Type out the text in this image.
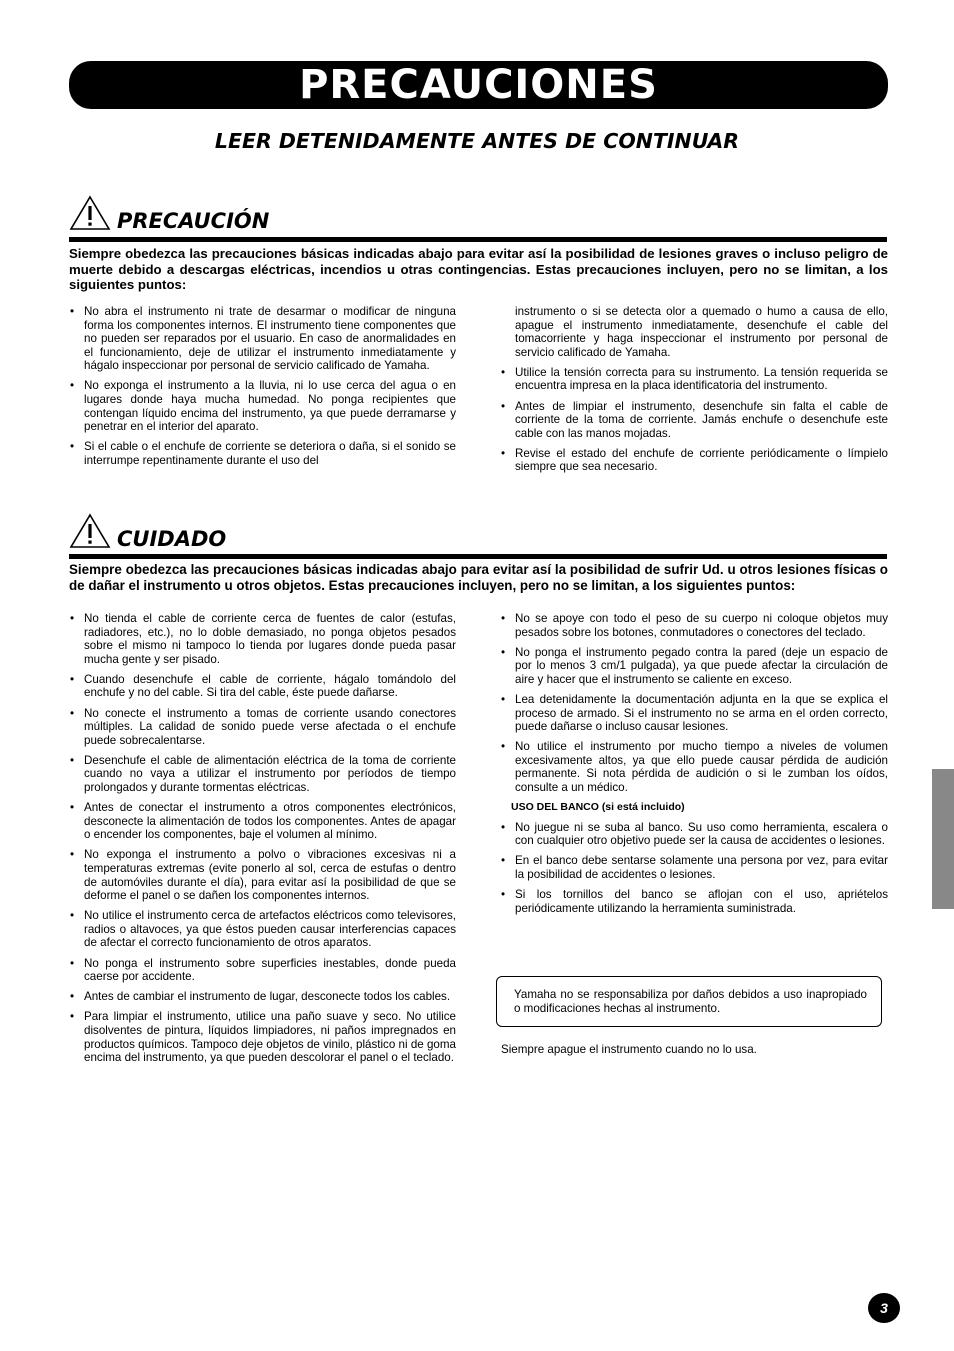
PRECAUCIONES
LEER DETENIDAMENTE ANTES DE CONTINUAR
PRECAUCIÓN
Siempre obedezca las precauciones básicas indicadas abajo para evitar así la posibilidad de lesiones graves o incluso peligro de muerte debido a descargas eléctricas, incendios u otras contingencias. Estas precauciones incluyen, pero no se limitan, a los siguientes puntos:
• No abra el instrumento ni trate de desarmar o modificar de ninguna forma los componentes internos. El instrumento tiene componentes que no pueden ser reparados por el usuario. En caso de anormalidades en el funcionamiento, deje de utilizar el instrumento inmediatamente y hágalo inspeccionar por personal de servicio calificado de Yamaha.
• No exponga el instrumento a la lluvia, ni lo use cerca del agua o en lugares donde haya mucha humedad. No ponga recipientes que contengan líquido encima del instrumento, ya que puede derramarse y penetrar en el interior del aparato.
• Si el cable o el enchufe de corriente se deteriora o daña, si el sonido se interrumpe repentinamente durante el uso del
instrumento o si se detecta olor a quemado o humo a causa de ello, apague el instrumento inmediatamente, desenchufe el cable del tomacorriente y haga inspeccionar el instrumento por personal de servicio calificado de Yamaha.
• Utilice la tensión correcta para su instrumento. La tensión requerida se encuentra impresa en la placa identificatoria del instrumento.
• Antes de limpiar el instrumento, desenchufe sin falta el cable de corriente de la toma de corriente. Jamás enchufe o desenchufe este cable con las manos mojadas.
• Revise el estado del enchufe de corriente periódicamente o límpielo siempre que sea necesario.
CUIDADO
Siempre obedezca las precauciones básicas indicadas abajo para evitar así la posibilidad de sufrir Ud. u otros lesiones físicas o de dañar el instrumento u otros objetos. Estas precauciones incluyen, pero no se limitan, a los siguientes puntos:
• No tienda el cable de corriente cerca de fuentes de calor (estufas, radiadores, etc.), no lo doble demasiado, no ponga objetos pesados sobre el mismo ni tampoco lo tienda por lugares donde pueda pasar mucha gente y ser pisado.
• Cuando desenchufe el cable de corriente, hágalo tomándolo del enchufe y no del cable. Si tira del cable, éste puede dañarse.
• No conecte el instrumento a tomas de corriente usando conectores múltiples. La calidad de sonido puede verse afectada o el enchufe puede sobrecalentarse.
• Desenchufe el cable de alimentación eléctrica de la toma de corriente cuando no vaya a utilizar el instrumento por períodos de tiempo prolongados y durante tormentas eléctricas.
• Antes de conectar el instrumento a otros componentes electrónicos, desconecte la alimentación de todos los componentes. Antes de apagar o encender los componentes, baje el volumen al mínimo.
• No exponga el instrumento a polvo o vibraciones excesivas ni a temperaturas extremas (evite ponerlo al sol, cerca de estufas o dentro de automóviles durante el día), para evitar así la posibilidad de que se deforme el panel o se dañen los componentes internos.
• No utilice el instrumento cerca de artefactos eléctricos como televisores, radios o altavoces, ya que éstos pueden causar interferencias capaces de afectar el correcto funcionamiento de otros aparatos.
• No ponga el instrumento sobre superficies inestables, donde pueda caerse por accidente.
• Antes de cambiar el instrumento de lugar, desconecte todos los cables.
• Para limpiar el instrumento, utilice una paño suave y seco. No utilice disolventes de pintura, líquidos limpiadores, ni paños impregnados en productos químicos. Tampoco deje objetos de vinilo, plástico ni de goma encima del instrumento, ya que pueden descolorar el panel o el teclado.
• No se apoye con todo el peso de su cuerpo ni coloque objetos muy pesados sobre los botones, conmutadores o conectores del teclado.
• No ponga el instrumento pegado contra la pared (deje un espacio de por lo menos 3 cm/1 pulgada), ya que puede afectar la circulación de aire y hacer que el instrumento se caliente en exceso.
• Lea detenidamente la documentación adjunta en la que se explica el proceso de armado. Si el instrumento no se arma en el orden correcto, puede dañarse o incluso causar lesiones.
• No utilice el instrumento por mucho tiempo a niveles de volumen excesivamente altos, ya que ello puede causar pérdida de audición permanente. Si nota pérdida de audición o si le zumban los oídos, consulte a un médico.
USO DEL BANCO (si está incluido)
• No juegue ni se suba al banco. Su uso como herramienta, escalera o con cualquier otro objetivo puede ser la causa de accidentes o lesiones.
• En el banco debe sentarse solamente una persona por vez, para evitar la posibilidad de accidentes o lesiones.
• Si los tornillos del banco se aflojan con el uso, apriételos periódicamente utilizando la herramienta suministrada.
Yamaha no se responsabiliza por daños debidos a uso inapropiado o modificaciones hechas al instrumento.
Siempre apague el instrumento cuando no lo usa.
3
